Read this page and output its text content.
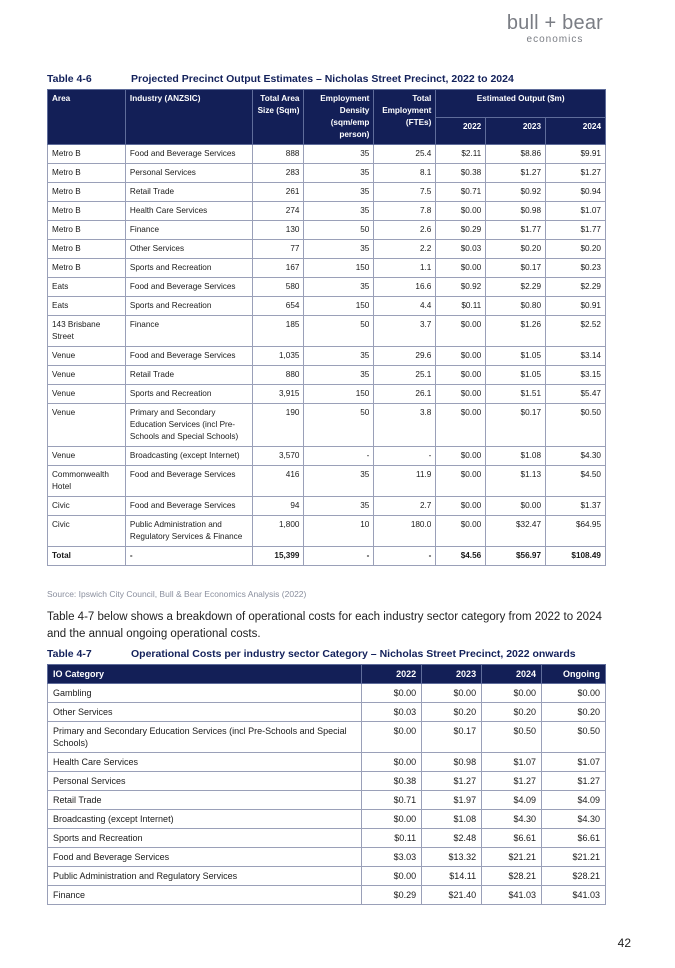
bull + bear
economics
Table 4-6	Projected Precinct Output Estimates – Nicholas Street Precinct, 2022 to 2024
Area	Industry (ANZSIC)	Total Area Size (Sqm)	Employment Density (sqm/emp person)	Total Employment (FTEs)	Estimated Output ($m)		
					2022	2023	2024
Metro B	Food and Beverage Services	888	35	25.4	$2.11	$8.86	$9.91
Metro B	Personal Services	283	35	8.1	$0.38	$1.27	$1.27
Metro B	Retail Trade	261	35	7.5	$0.71	$0.92	$0.94
Metro B	Health Care Services	274	35	7.8	$0.00	$0.98	$1.07
Metro B	Finance	130	50	2.6	$0.29	$1.77	$1.77
Metro B	Other Services	77	35	2.2	$0.03	$0.20	$0.20
Metro B	Sports and Recreation	167	150	1.1	$0.00	$0.17	$0.23
Eats	Food and Beverage Services	580	35	16.6	$0.92	$2.29	$2.29
Eats	Sports and Recreation	654	150	4.4	$0.11	$0.80	$0.91
143 Brisbane Street	Finance	185	50	3.7	$0.00	$1.26	$2.52
Venue	Food and Beverage Services	1,035	35	29.6	$0.00	$1.05	$3.14
Venue	Retail Trade	880	35	25.1	$0.00	$1.05	$3.15
Venue	Sports and Recreation	3,915	150	26.1	$0.00	$1.51	$5.47
Venue	Primary and Secondary Education Services (incl Pre-Schools and Special Schools)	190	50	3.8	$0.00	$0.17	$0.50
Venue	Broadcasting (except Internet)	3,570	-	-	$0.00	$1.08	$4.30
Commonwealth Hotel	Food and Beverage Services	416	35	11.9	$0.00	$1.13	$4.50
Civic	Food and Beverage Services	94	35	2.7	$0.00	$0.00	$1.37
Civic	Public Administration and Regulatory Services & Finance	1,800	10	180.0	$0.00	$32.47	$64.95
Total	-	15,399	-	-	$4.56	$56.97	$108.49
Source: Ipswich City Council, Bull & Bear Economics Analysis (2022)
Table 4-7 below shows a breakdown of operational costs for each industry sector category from 2022 to 2024 and the annual ongoing operational costs.
Table 4-7	Operational Costs per industry sector Category – Nicholas Street Precinct, 2022 onwards
IO Category	2022	2023	2024	Ongoing
Gambling	$0.00	$0.00	$0.00	$0.00
Other Services	$0.03	$0.20	$0.20	$0.20
Primary and Secondary Education Services (incl Pre-Schools and Special Schools)	$0.00	$0.17	$0.50	$0.50
Health Care Services	$0.00	$0.98	$1.07	$1.07
Personal Services	$0.38	$1.27	$1.27	$1.27
Retail Trade	$0.71	$1.97	$4.09	$4.09
Broadcasting (except Internet)	$0.00	$1.08	$4.30	$4.30
Sports and Recreation	$0.11	$2.48	$6.61	$6.61
Food and Beverage Services	$3.03	$13.32	$21.21	$21.21
Public Administration and Regulatory Services	$0.00	$14.11	$28.21	$28.21
Finance	$0.29	$21.40	$41.03	$41.03
42
